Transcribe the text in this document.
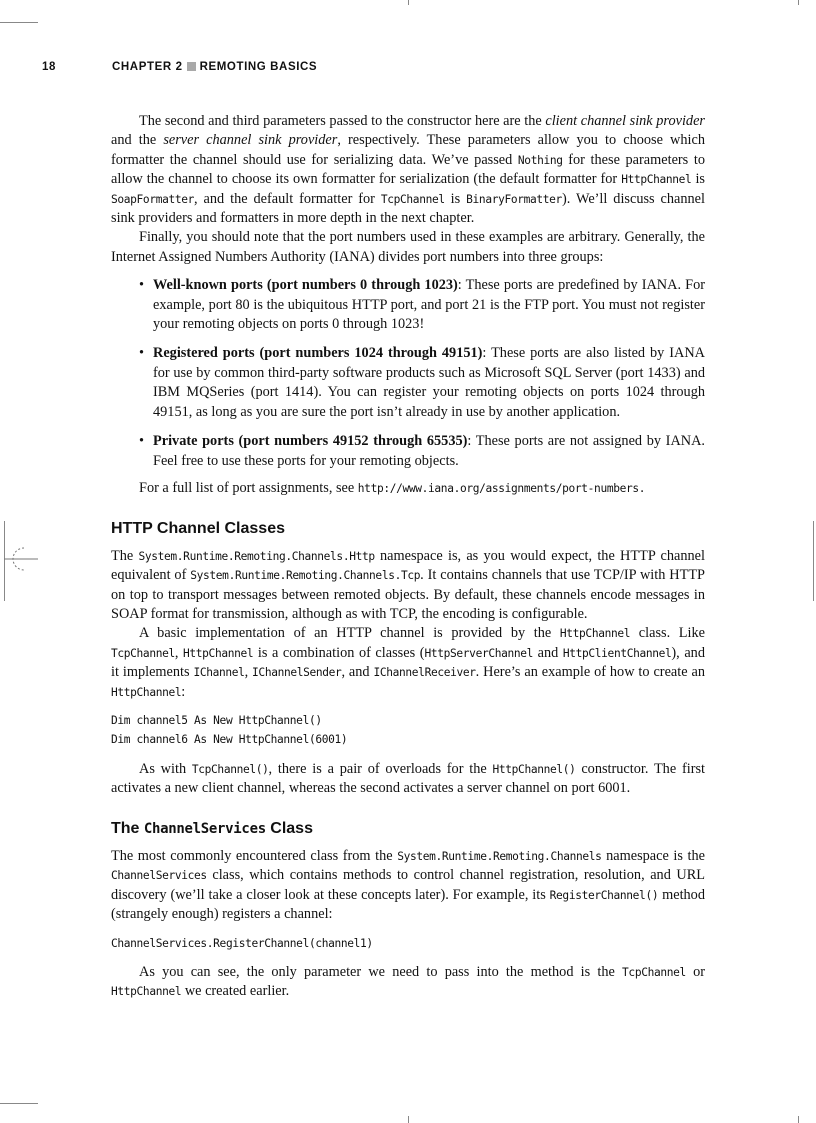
18	CHAPTER 2 REMOTING BASICS

The second and third parameters passed to the constructor here are the client channel sink provider and the server channel sink provider, respectively. These parameters allow you to choose which formatter the channel should use for serializing data. We’ve passed Nothing for these parameters to allow the channel to choose its own formatter for serialization (the default formatter for HttpChannel is SoapFormatter, and the default formatter for TcpChannel is BinaryFormatter). We’ll discuss channel sink providers and formatters in more depth in the next chapter.

Finally, you should note that the port numbers used in these examples are arbitrary. Generally, the Internet Assigned Numbers Authority (IANA) divides port numbers into three groups:

• Well-known ports (port numbers 0 through 1023): These ports are predefined by IANA. For example, port 80 is the ubiquitous HTTP port, and port 21 is the FTP port. You must not register your remoting objects on ports 0 through 1023!
• Registered ports (port numbers 1024 through 49151): These ports are also listed by IANA for use by common third-party software products such as Microsoft SQL Server (port 1433) and IBM MQSeries (port 1414). You can register your remoting objects on ports 1024 through 49151, as long as you are sure the port isn’t already in use by another application.
• Private ports (port numbers 49152 through 65535): These ports are not assigned by IANA. Feel free to use these ports for your remoting objects.

For a full list of port assignments, see http://www.iana.org/assignments/port-numbers.

HTTP Channel Classes

The System.Runtime.Remoting.Channels.Http namespace is, as you would expect, the HTTP channel equivalent of System.Runtime.Remoting.Channels.Tcp. It contains channels that use TCP/IP with HTTP on top to transport messages between remoted objects. By default, these channels encode messages in SOAP format for transmission, although as with TCP, the encoding is configurable.

A basic implementation of an HTTP channel is provided by the HttpChannel class. Like TcpChannel, HttpChannel is a combination of classes (HttpServerChannel and HttpClientChannel), and it implements IChannel, IChannelSender, and IChannelReceiver. Here’s an example of how to create an HttpChannel:

Dim channel5 As New HttpChannel()
Dim channel6 As New HttpChannel(6001)

As with TcpChannel(), there is a pair of overloads for the HttpChannel() constructor. The first activates a new client channel, whereas the second activates a server channel on port 6001.

The ChannelServices Class

The most commonly encountered class from the System.Runtime.Remoting.Channels namespace is the ChannelServices class, which contains methods to control channel registration, resolution, and URL discovery (we’ll take a closer look at these concepts later). For example, its RegisterChannel() method (strangely enough) registers a channel:

ChannelServices.RegisterChannel(channel1)

As you can see, the only parameter we need to pass into the method is the TcpChannel or HttpChannel we created earlier.
